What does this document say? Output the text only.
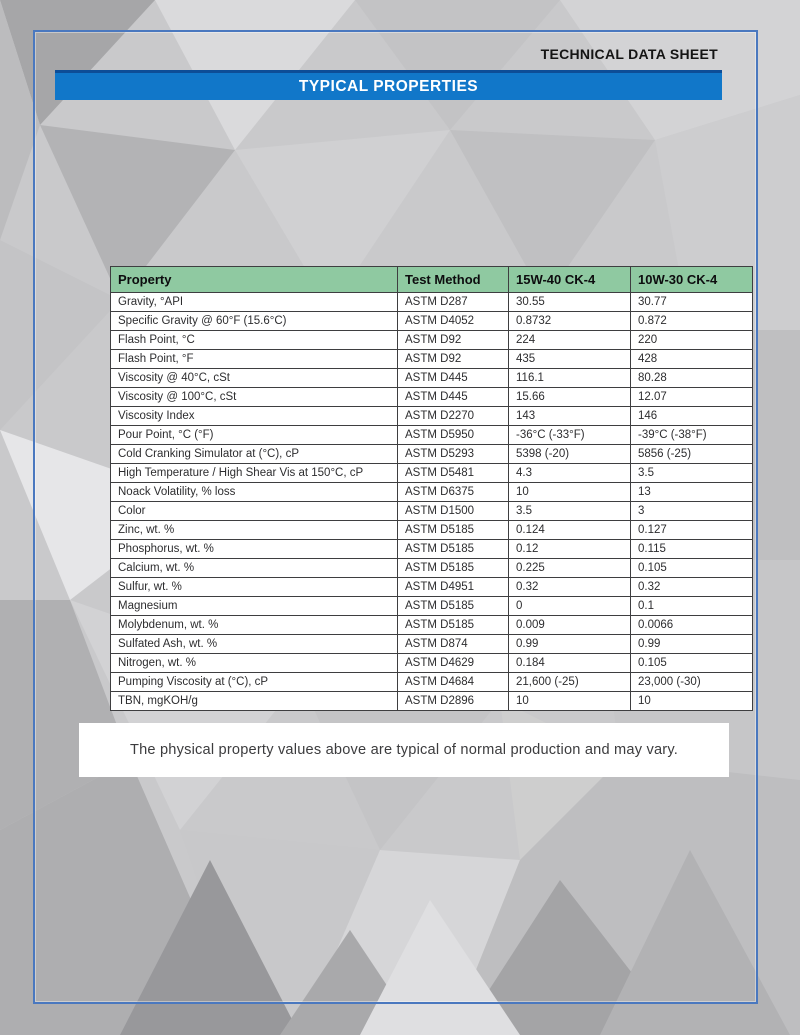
TECHNICAL DATA SHEET
TYPICAL PROPERTIES
Property	Test Method	15W-40 CK-4	10W-30 CK-4
Gravity, °API	ASTM D287	30.55	30.77
Specific Gravity @ 60°F (15.6°C)	ASTM D4052	0.8732	0.872
Flash Point, °C	ASTM D92	224	220
Flash Point, °F	ASTM D92	435	428
Viscosity @ 40°C, cSt	ASTM D445	116.1	80.28
Viscosity @ 100°C, cSt	ASTM D445	15.66	12.07
Viscosity Index	ASTM D2270	143	146
Pour Point, °C (°F)	ASTM D5950	-36°C (-33°F)	-39°C (-38°F)
Cold Cranking Simulator at (°C), cP	ASTM D5293	5398 (-20)	5856 (-25)
High Temperature / High Shear Vis at 150°C, cP	ASTM D5481	4.3	3.5
Noack Volatility, % loss	ASTM D6375	10	13
Color	ASTM D1500	3.5	3
Zinc, wt. %	ASTM D5185	0.124	0.127
Phosphorus, wt. %	ASTM D5185	0.12	0.115
Calcium, wt. %	ASTM D5185	0.225	0.105
Sulfur, wt. %	ASTM D4951	0.32	0.32
Magnesium	ASTM D5185	0	0.1
Molybdenum, wt. %	ASTM D5185	0.009	0.0066
Sulfated Ash, wt. %	ASTM D874	0.99	0.99
Nitrogen, wt. %	ASTM D4629	0.184	0.105
Pumping Viscosity at (°C), cP	ASTM D4684	21,600 (-25)	23,000 (-30)
TBN, mgKOH/g	ASTM D2896	10	10
The physical property values above are typical of normal production and may vary.
